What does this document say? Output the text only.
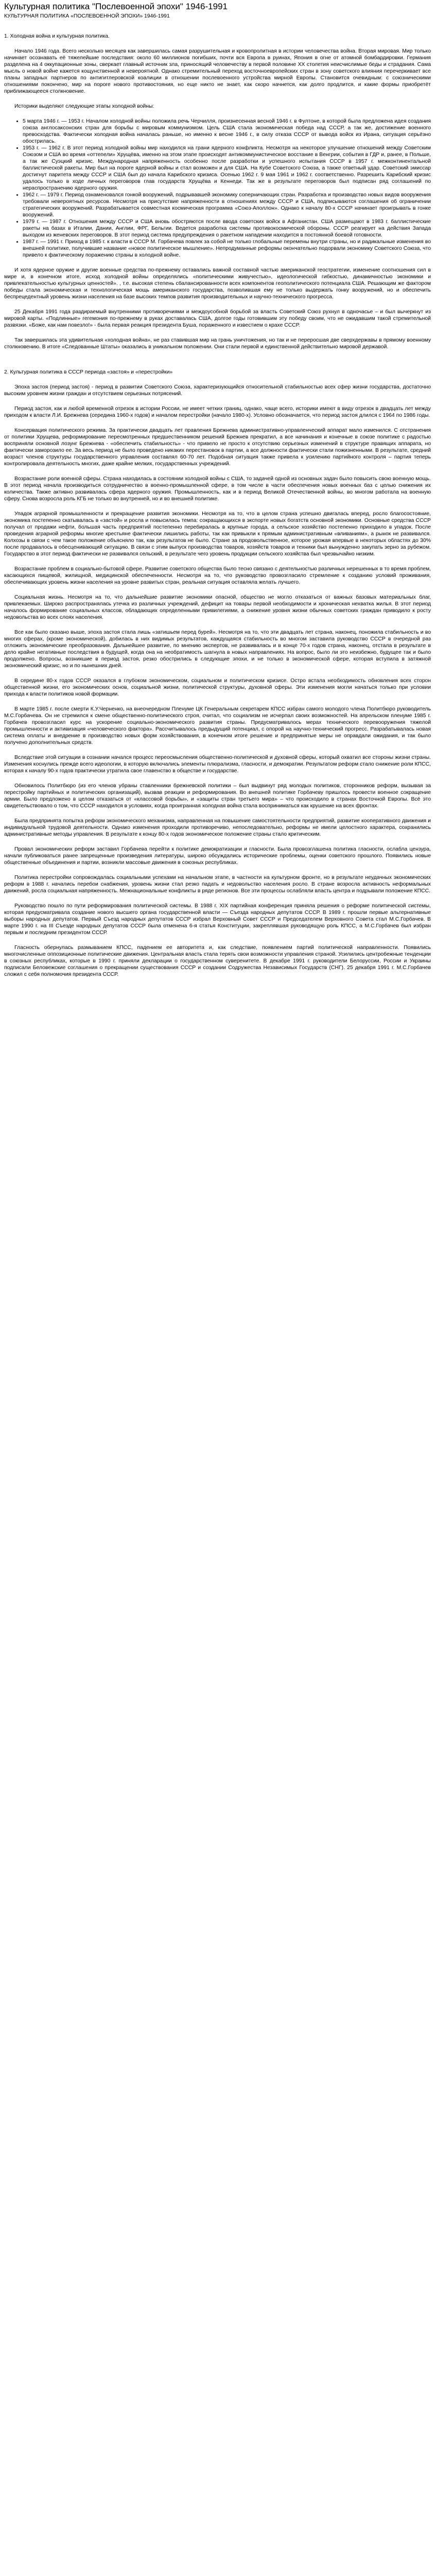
Культурная политика "Послевоенной эпохи" 1946-1991
КУЛЬТУРНАЯ ПОЛИТИКА «ПОСЛЕВОЕННОЙ ЭПОХИ» 1946-1991
1. Холодная война и культурная политика.

Начало 1946 года. Всего несколько месяцев как завершилась самая разрушительная и кровопролитная в истории человечества война. Вторая мировая. Мир только начинает осознавать её тяжелейшие последствия: около 60 миллионов погибших, почти вся Европа в руинах, Япония в огне от атомной бомбардировки. Германия разделена на 4 оккупационные зоны, сверкает главный источник зла, приносящий человечеству в первой половине XX столетия неисчислимые беды и страдания. Сама мысль о новой войне кажется кощунственной и невероятной. Однако стремительный переход восточноевропейских стран в зону советского влияния перечеркивает все планы западных партнеров по антигитлеровской коалиции в отношении послевоенного устройства мирной Европы. Становится очевидным: с союзническими отношениями покончено, мир на пороге нового противостояния, но еще никто не знает, как скоро начнется, как долго продлится, и какие формы приобретёт приближающееся столкновение.

Историки выделяют следующие этапы холодной войны:

• 5 марта 1946 г. — 1953 г. Началом холодной войны положила речь Черчилля, произнесенная весной 1946 г. в Фултоне, в которой была предложена идея создания союза англосаксонских стран для борьбы с мировым коммунизмом. Цель США стала экономическая победа над СССР, а так же, достижение военного превосходства. Фактически холодная война началась раньше, но именно к весне 1946 г., в силу отказа СССР от вывода войск из Ирана, ситуация серьёзно обострилась.
• 1953 г. — 1962 г. В этот период холодной войны мир находился на грани ядерного конфликта. Несмотря на некоторое улучшение отношений между Советским Союзом и США во время «оттепели» Хрущёва, именно на этом этапе происходят антикоммунистическое восстание в Венгрии, события в ГДР и, ранее, в Польше, а так же Суэцкий кризис. Международная напряженность особенно после разработки и успешного испытания СССР в 1957 г. межконтинентальной баллистической ракеты. Мир был на пороге ядерной войны и стал возможен и для США. На Кубе Советского Союза, а также ответный удар. Советский эмиссар достигнут паритета между СССР и США был до начала Карибского кризиса. Осенью 1962 г. 9 мая 1961 и 1962 г. соответственно. Разрешить Карибский кризис удалось только в ходе личных переговоров глав государств Хрущёва и Кеннеди. Так же в результате переговоров был подписан ряд соглашений по нераспространению ядерного оружия.
• 1962 г. — 1979 г. Период ознаменовался гонкой вооружений, подрывавшей экономику соперничающих стран. Разработка и производство новых видов вооружения требовали невероятных ресурсов. Несмотря на присутствие напряженности в отношениях между СССР и США, подписываются соглашения об ограничении стратегических вооружений. Разрабатывается совместная космическая программа «Союз-Аполлон». Однако к началу 80-х СССР начинает проигрывать в гонке вооружений.
• 1979 г. — 1987 г. Отношения между СССР и США вновь обостряются после ввода советских войск в Афганистан. США размещают в 1983 г. баллистические ракеты на базах в Италии, Дании, Англии, ФРГ, Бельгии. Ведется разработка системы противокосмической обороны. СССР реагирует на действия Запада выходом из женевских переговоров. В этот период система предупреждения о ракетном нападении находится в постоянной боевой готовности.
• 1987 г. — 1991 г. Приход в 1985 г. к власти в СССР М. Горбачева повлек за собой не только глобальные перемены внутри страны, но и радикальные изменения во внешней политике, получившие название «новое политическое мышление». Непродуманные реформы окончательно подорвали экономику Советского Союза, что привело к фактическому поражению страны в холодной войне.

И хотя ядерное оружие и другие военные средства по-прежнему оставались важной составной частью американской геостратегии, изменение соотношения сил в мире и, в конечном итоге, исход холодной войны определялись «политическими живучестью», идеологической гибкостью, динамичностью экономики и привлекательностью культурных ценностей». , т.е. высокая степень сбалансированности всех компонентов геополитического потенциала США. Решающим же фактором победы стала экономическая и технологическая мощь американского государства, позволившая ему не только выдержать гонку вооружений, но и обеспечить беспрецедентный уровень жизни населения на базе высоких темпов развития производительных и научно-технического прогресса.

25 Декабря 1991 года раздираемый внутренними противоречиями и междоусобной борьбой за власть Советский Союз рухнул в одночасье – и был вычеркнут из мировой карты. «Подлинные» гегемония по-прежнему в руках доставалась США, долгое годы готовившим эту победу своим, что не ожидавшим такой стремительной развязки. «Боже, как нам повезло!» - была первая реакция президента Буша, пораженного и известием о крахе СССР.

Так завершилась эта удивительная «холодная война», не раз ставившая мир на грань уничтожения, но так и не переросшая две сверхдержавы в прямому военному столкновению. В итоге «Следованные Штаты» оказались в уникальном положении. Они стали первой и единственной действительно мировой державой.

2. Культурная политика в СССР периода «застоя» и «перестройки»

Эпоха застоя (период застоя) - период в развитии Советского Союза, характеризующийся относительной стабильностью всех сфер жизни государства, достаточно высоким уровнем жизни граждан и отсутствием серьезных потрясений.

Период застоя, как и любой временной отрезок в истории России, не имеет четких границ, однако, чаще всего, историки имеют в виду отрезок в двадцать лет между приходом к власти Л.И. Брежнева (середина 1960-х годов) и началом перестройки (начало 1980-х). Условно обозначается, что период застоя длился с 1964 по 1986 годы.

Консервация политического режима. За практически двадцать лет правления Брежнева административно-управленческий аппарат мало изменился. С отстранения от политики Хрущева, реформирование пересмотренных предшественником решений Брежнев прекратил, а все начинания и конечные в союзе политике с радостью восприняли основной лозунг Брежнева - «обеспечить стабильность» - что привело не просто к отсутствию серьезных изменений в структуре правящих аппарата, но фактически заморозило ее. За весь период не было проведено никаких перестановок в партии, а все должности фактически стали пожизненными. В результате, средний возраст членов структуры государственного управления составлял 60-70 лет. Подобная ситуация также привела к усилению партийного контроля – партия теперь контролировала деятельность многих, даже крайне мелких, государственных учреждений.

Возрастание роли военной сферы. Страна находилась в состоянии холодной войны с США, то задачей одной из основных задач было повысить свою военную мощь. В этот период начала производиться сотрудничество в военно-промышленной сфере, в том числе в части обеспечения новых военных баз с целью снижения их количества. Также активно развивалась сфера ядерного оружия. Промышленность, как и в период Великой Отечественной войны, во многом работала на военную сферу. Снова возросла роль КГБ не только во внутренней, но и во внешней политике.

Упадок аграрной промышленности и прекращение развития экономики. Несмотря на то, что в целом страна успешно двигалась вперед, росло благосостояние, экономика постепенно скатывалась в «застой» и росла и повысилась темпа: сокращающихся в экспорте новых богатств основной экономики. Основные средства СССР получал от продажи нефти, большая часть предприятий постепенно перебиралась в крупные города, а сельское хозяйство постепенно приходило в упадок. После проведения аграрной реформы многие крестьяне фактически лишились работы, так как привыкли к прямым административным «вливаниям», а рынок не развивался. Колхозы в связи с чем такое положение объясняло так, как результатов не было. Стране за продовольственное, которое урожая впервые в некоторых областях до 30% после продавалось в обесценивающий ситуацию. В связи с этим выпуск производства товаров, хозяйств товаров и техники был вынужденно закупать зерно за рубежом. Государство в этот период фактически не развивался сельский, в результате чего уровень продукции сельского хозяйства был чрезвычайно низким.

Возрастание проблем в социально-бытовой сфере. Развитие советского общества было тесно связано с деятельностью различных нерешенных в то время проблем, касающихся пищевой, жилищной, медицинской обеспеченности. Несмотря на то, что руководство провозгласило стремление к созданию условий проживания, обеспечивающих уровень жизни населения на уровне развитых стран, реальная ситуация оставляла желать лучшего.

Социальная жизнь. Несмотря на то, что дальнейшие развитие экономики опасной, общество не могло отказаться от важных базовых материальных благ, привлекаемых. Широко распространялась утечка из различных учреждений, дефицит на товары первой необходимости и хроническая нехватка жилья. В этот период началось формирование социальных классов, обладающих определенными привилегиями, а снижение уровня жизни обычных советских граждан приводило к росту недовольства во всех слоях населения.

Все как было сказано выше, эпоха застоя стала лишь «затишьем перед бурей». Несмотря на то, что эти двадцать лет страна, наконец, поножила стабильность и во многих сферах, (кроме экономической), добилась в них видимых результатов, каждущаяся стабильность во многом заставила руководство СССР в очередной раз отложить экономические преобразования. Дальнейшее развитие, по мнению экспертов, не развивалась и в конце 70-х годов страна, наконец, отстала в результате в дело крайне негативные последствия в будущей, когда она на необратимость шагнула в новых направлениях. На вопрос, было ли это неизбежно, будущее так и было продолжено. Вопросы, возникшие в период застоя, резко обострились в следующие эпохи, и не только в экономической сфере, которая вступила в затяжной экономический кризис, но и по нынешних дней.

В середине 80-х годов СССР оказался в глубоком экономическом, социальном и политическом кризисе. Остро встала необходимость обновления всех сторон общественной жизни, его экономических основ, социальной жизни, политической структуры, духовной сферы. Эти изменения могли начаться только при условии прихода к власти политиков новой формации.

В марте 1985 г. после смерти К.У.Черненко, на внеочередном Пленуме ЦК Генеральным секретарем КПСС избран самого молодого члена Политбюро руководитель М.С.Горбачева. Он не стремился к смене общественно-политического строя, считал, что социализм не исчерпал своих возможностей. На апрельском пленуме 1985 г. Горбачев провозгласил курс на ускорение социально-экономического развития страны. Предусматривалось мерах технического перевооружения тяжелой промышленности и активизация «человеческого фактора». Рассчитывалось предыдущий потенциал, с опорой на научно-технический прогресс. Разрабатывалась новая система оплаты и внедрение в производство новых форм хозяйствования, в конечном итоге решение и предпринятые меры не оправдали ожидания, и так было получено дополнительных средств.

Вследствие этой ситуации в сознании начался процесс переосмысления общественно-политической и духовной сферы, который охватил все стороны жизни страны. Изменения коснулись прежде всего идеологии, в которую включались элементы плюрализма, гласности, и демократии. Результатом реформ стало снижение роли КПСС, которая к началу 90-х годов практически утратила свое главенство в обществе и государстве.

Обновилось Политбюро (из его членов убраны ставленники брежневской политики – был выдвинут ряд молодых политиков, сторонников реформ, вызывая за перестройку партийных и политических организаций), вызвав реакции и реформирования. Во внешней политике Горбачеву пришлось провести военное сокращение армии. Было предложено в целом отказаться от «классовой борьбы», и «защиты стран третьего мира» – что происходило в странах Восточной Европы. Всё это свидетельствовало о том, что СССР находился в условиях, когда проигранная холодная война стала восприниматься как крушение на всех фронтах.

Была предпринята попытка реформ экономического механизма, направленная на повышение самостоятельности предприятий, развитие кооперативного движения и индивидуальной трудовой деятельности. Однако изменения проходили противоречиво, непоследовательно, реформы не имели целостного характера, сохранились административные методы управления. В результате к концу 80-х годов экономическое положение страны стало критическим.

Провал экономических реформ заставил Горбачева перейти к политике демократизации и гласности. Была провозглашена политика гласности, ослабла цензура, начали публиковаться ранее запрещенные произведения литературы, широко обсуждались исторические проблемы, оценки советского прошлого. Появились новые общественные объединения и партии, возникли массовые движения в союзных республиках.

Политика перестройки сопровождалась социальными успехами на начальном этапе, в частности на культурном фронте, но в результате неудачных экономических реформ в 1988 г. начались перебои снабжения, уровень жизни стал резко падать и недовольство населения росло. В стране возросла активность неформальных движений, росла социальная напряженность. Межнациональные конфликты в ряде регионов. Все эти процессы ослабляли власть центра и подрывали положение КПСС.

Руководство пошло по пути реформирования политической системы. В 1988 г. XIX партийная конференция приняла решения о реформе политической системы, которая предусматривала создание нового высшего органа государственной власти — Съезда народных депутатов СССР. В 1989 г. прошли первые альтернативные выборы народных депутатов. Первый Съезд народных депутатов СССР избрал Верховный Совет СССР и Председателем Верховного Совета стал М.С.Горбачев. В марте 1990 г. на III Съезде народных депутатов СССР была отменена 6-я статья Конституции, закреплявшая руководящую роль КПСС, а М.С.Горбачев был избран первым и последним президентом СССР.

Гласность обернулась размыванием КПСС, падением ее авторитета и, как следствие, появлением партий политической направленности. Появились многочисленные оппозиционные политические движения. Центральная власть стала терять свои возможности управления страной. Усилились центробежные тенденции в союзных республиках, которые в 1990 г. приняли декларации о государственном суверенитете. В декабре 1991 г. руководители Белоруссии, России и Украины подписали Беловежские соглашения о прекращении существования СССР и создании Содружества Независимых Государств (СНГ). 25 декабря 1991 г. М.С.Горбачев сложил с себя полномочия президента СССР.
